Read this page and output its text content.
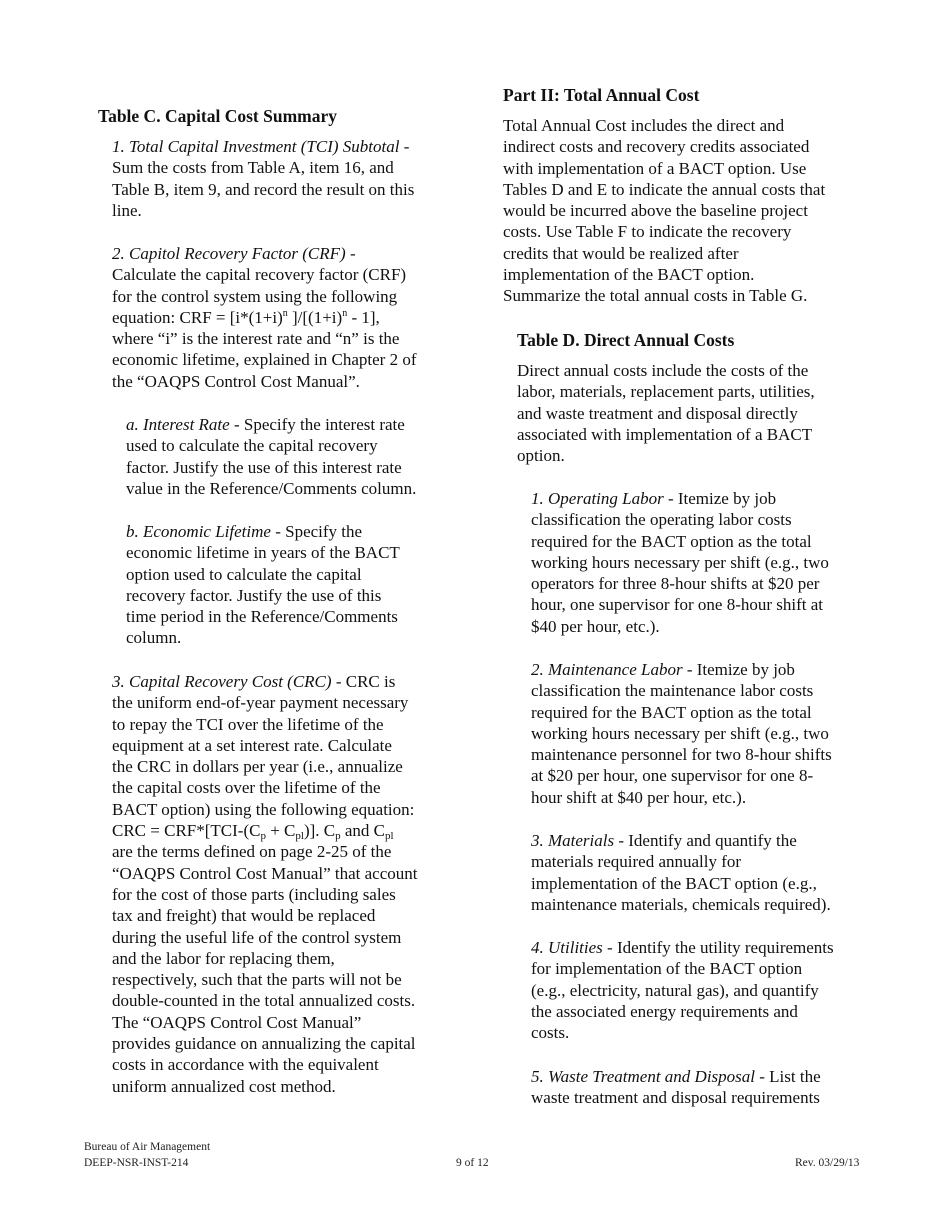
Table C. Capital Cost Summary

1. Total Capital Investment (TCI) Subtotal -

Sum the costs from Table A, item 16, and

Table B, item 9, and record the result on this

line.

2. Capitol Recovery Factor (CRF) -

Calculate the capital recovery factor (CRF)

for the control system using the following

equation: CRF = [$i*(1+i)^n$ ]$/[(1+i)^n - 1]$,

where “i” is the interest rate and “n” is the

economic lifetime, explained in Chapter 2 of

the “OAQPS Control Cost Manual”.

a. Interest Rate - Specify the interest rate

used to calculate the capital recovery

factor. Justify the use of this interest rate

value in the Reference/Comments column.

b. Economic Lifetime - Specify the

economic lifetime in years of the BACT

option used to calculate the capital

recovery factor. Justify the use of this

time period in the Reference/Comments

column.

3. Capital Recovery Cost (CRC) - CRC is

the uniform end-of-year payment necessary

to repay the TCI over the lifetime of the

equipment at a set interest rate. Calculate

the CRC in dollars per year (i.e., annualize

the capital costs over the lifetime of the

BACT option) using the following equation:

CRC = $CRF*[TCI-(C_p + C_{pl})]$. $C_p$ and $C_{pl}$

are the terms defined on page 2-25 of the

“OAQPS Control Cost Manual” that account

for the cost of those parts (including sales

tax and freight) that would be replaced

during the useful life of the control system

and the labor for replacing them,

respectively, such that the parts will not be

double-counted in the total annualized costs.

The “OAQPS Control Cost Manual”

provides guidance on annualizing the capital

costs in accordance with the equivalent

uniform annualized cost method.

Part II: Total Annual Cost

Total Annual Cost includes the direct and

indirect costs and recovery credits associated

with implementation of a BACT option. Use

Tables D and E to indicate the annual costs that

would be incurred above the baseline project

costs. Use Table F to indicate the recovery

credits that would be realized after

implementation of the BACT option.

Summarize the total annual costs in Table G.

Table D. Direct Annual Costs

Direct annual costs include the costs of the

labor, materials, replacement parts, utilities,

and waste treatment and disposal directly

associated with implementation of a BACT

option.

1. Operating Labor - Itemize by job

classification the operating labor costs

required for the BACT option as the total

working hours necessary per shift (e.g., two

operators for three 8-hour shifts at $20 per

hour, one supervisor for one 8-hour shift at

$40 per hour, etc.).

2. Maintenance Labor - Itemize by job

classification the maintenance labor costs

required for the BACT option as the total

working hours necessary per shift (e.g., two

maintenance personnel for two 8-hour shifts

at $20 per hour, one supervisor for one 8-

hour shift at $40 per hour, etc.).

3. Materials - Identify and quantify the

materials required annually for

implementation of the BACT option (e.g.,

maintenance materials, chemicals required).

4. Utilities - Identify the utility requirements

for implementation of the BACT option

(e.g., electricity, natural gas), and quantify

the associated energy requirements and

costs.

5. Waste Treatment and Disposal - List the

waste treatment and disposal requirements

Bureau of Air Management
DEEP-NSR-INST-214	9 of 12	Rev. 03/29/13
